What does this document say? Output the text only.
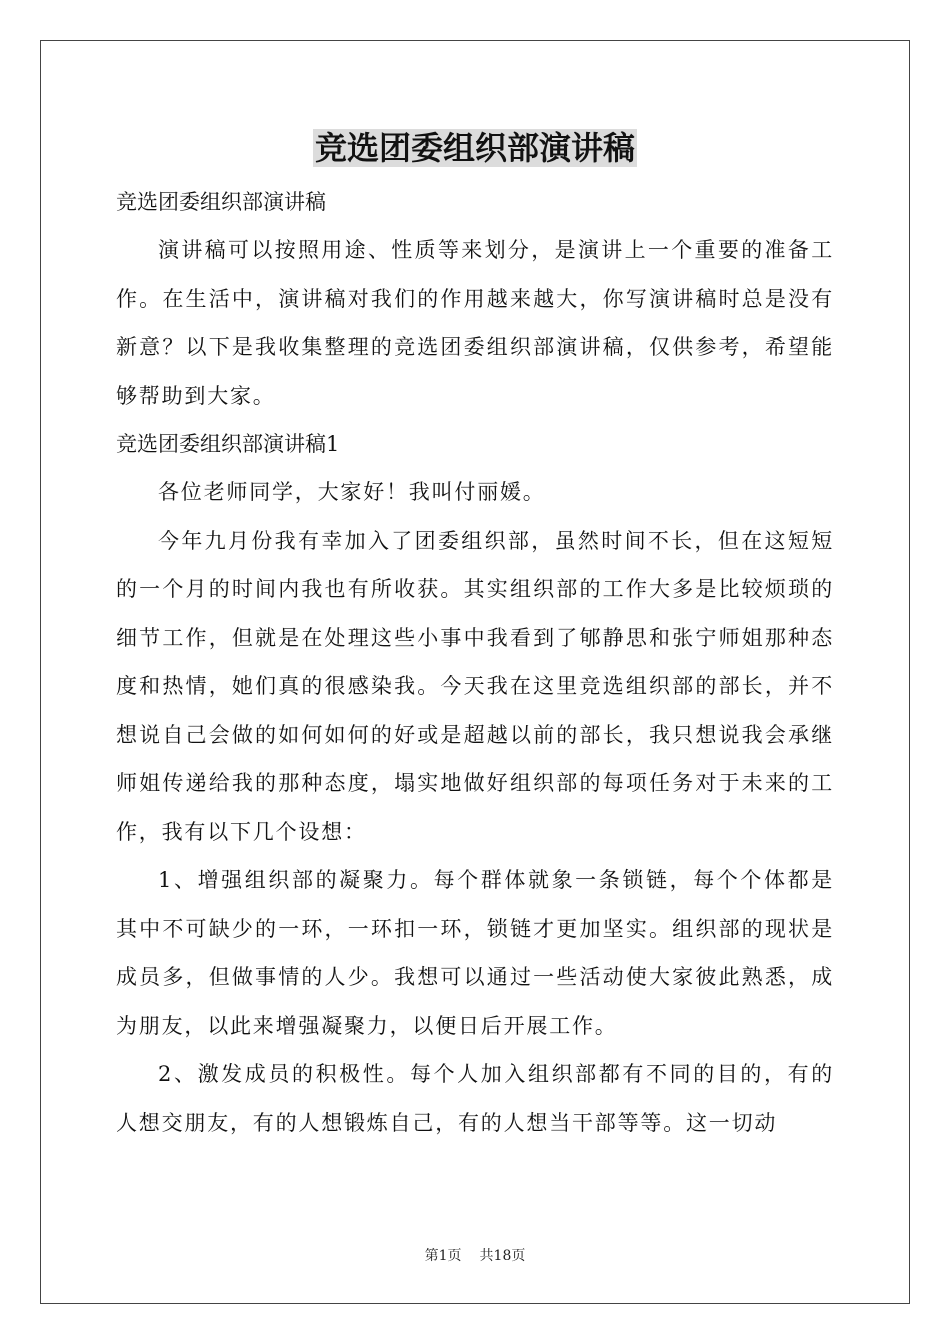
竞选团委组织部演讲稿

竞选团委组织部演讲稿

演讲稿可以按照用途、性质等来划分，是演讲上一个重要的准备工作。在生活中，演讲稿对我们的作用越来越大，你写演讲稿时总是没有新意？以下是我收集整理的竞选团委组织部演讲稿，仅供参考，希望能够帮助到大家。

竞选团委组织部演讲稿1

各位老师同学，大家好！我叫付丽媛。

今年九月份我有幸加入了团委组织部，虽然时间不长，但在这短短的一个月的时间内我也有所收获。其实组织部的工作大多是比较烦琐的细节工作，但就是在处理这些小事中我看到了郇静思和张宁师姐那种态度和热情，她们真的很感染我。今天我在这里竞选组织部的部长，并不想说自己会做的如何如何的好或是超越以前的部长，我只想说我会承继师姐传递给我的那种态度，塌实地做好组织部的每项任务对于未来的工作，我有以下几个设想：

1、增强组织部的凝聚力。每个群体就象一条锁链，每个个体都是其中不可缺少的一环，一环扣一环，锁链才更加坚实。组织部的现状是成员多，但做事情的人少。我想可以通过一些活动使大家彼此熟悉，成为朋友，以此来增强凝聚力，以便日后开展工作。

2、激发成员的积极性。每个人加入组织部都有不同的目的，有的人想交朋友，有的人想锻炼自己，有的人想当干部等等。这一切动

第1页 共18页
